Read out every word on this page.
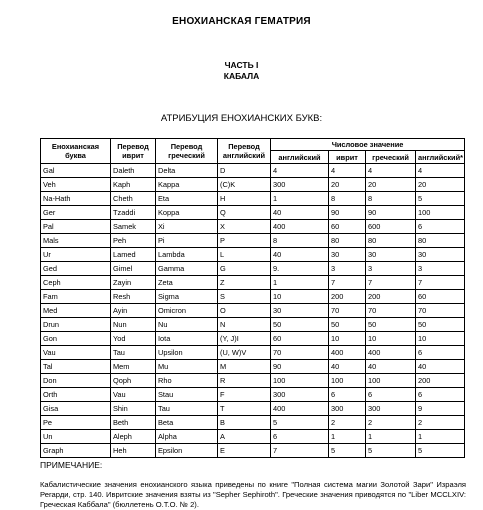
ЕНОХИАНСКАЯ ГЕМАТРИЯ
ЧАСТЬ I
КАБАЛА
АТРИБУЦИЯ ЕНОХИАНСКИХ БУКВ:
Енохианская буква	Перевод иврит	Перевод греческий	Перевод английский	Числовое значение			
				английский	иврит	греческий	английский*
Gal	Daleth	Delta	D	4	4	4	4
Veh	Kaph	Kappa	(C)K	300	20	20	20
Na-Hath	Cheth	Eta	H	1	8	8	5
Ger	Tzaddi	Koppa	Q	40	90	90	100
Pal	Samek	Xi	X	400	60	600	6
Mals	Peh	Pi	P	8	80	80	80
Ur	Lamed	Lambda	L	40	30	30	30
Ged	Gimel	Gamma	G	9.	3	3	3
Ceph	Zayin	Zeta	Z	1	7	7	7
Fam	Resh	Sigma	S	10	200	200	60
Med	Ayin	Omicron	O	30	70	70	70
Drun	Nun	Nu	N	50	50	50	50
Gon	Yod	Iota	(Y, J)I	60	10	10	10
Vau	Tau	Upsilon	(U, W)V	70	400	400	6
Tal	Mem	Mu	M	90	40	40	40
Don	Qoph	Rho	R	100	100	100	200
Orth	Vau	Stau	F	300	6	6	6
Gisa	Shin	Tau	T	400	300	300	9
Pe	Beth	Beta	B	5	2	2	2
Un	Aleph	Alpha	A	6	1	1	1
Graph	Heh	Epsilon	E	7	5	5	5
ПРИМЕЧАНИЕ:
Кабалистические значения енохианского языка приведены по книге "Полная система магии Золотой Зари" Израэля Регарди, стр. 140. Ивритские значения взяты из "Sepher Sephiroth". Греческие значения приводятся по "Liber MCCLXIV: Греческая Каббала" (бюллетень О.Т.О. № 2).
